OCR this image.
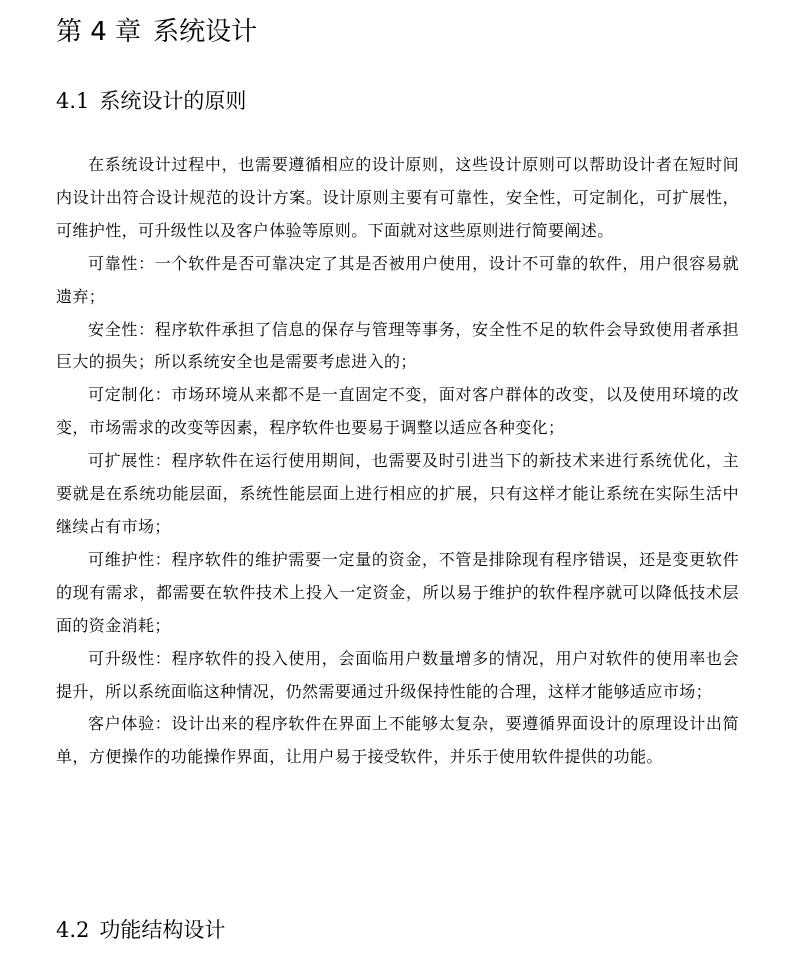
第 4 章 系统设计
4.1 系统设计的原则

在系统设计过程中，也需要遵循相应的设计原则，这些设计原则可以帮助设计者在短时间内设计出符合设计规范的设计方案。设计原则主要有可靠性，安全性，可定制化，可扩展性，可维护性，可升级性以及客户体验等原则。下面就对这些原则进行简要阐述。

可靠性：一个软件是否可靠决定了其是否被用户使用，设计不可靠的软件，用户很容易就遗弃；

安全性：程序软件承担了信息的保存与管理等事务，安全性不足的软件会导致使用者承担巨大的损失；所以系统安全也是需要考虑进入的；

可定制化：市场环境从来都不是一直固定不变，面对客户群体的改变，以及使用环境的改变，市场需求的改变等因素，程序软件也要易于调整以适应各种变化；

可扩展性：程序软件在运行使用期间，也需要及时引进当下的新技术来进行系统优化，主要就是在系统功能层面，系统性能层面上进行相应的扩展，只有这样才能让系统在实际生活中继续占有市场；

可维护性：程序软件的维护需要一定量的资金，不管是排除现有程序错误，还是变更软件的现有需求，都需要在软件技术上投入一定资金，所以易于维护的软件程序就可以降低技术层面的资金消耗；

可升级性：程序软件的投入使用，会面临用户数量增多的情况，用户对软件的使用率也会提升，所以系统面临这种情况，仍然需要通过升级保持性能的合理，这样才能够适应市场；

客户体验：设计出来的程序软件在界面上不能够太复杂，要遵循界面设计的原理设计出简单，方便操作的功能操作界面，让用户易于接受软件，并乐于使用软件提供的功能。

4.2 功能结构设计
